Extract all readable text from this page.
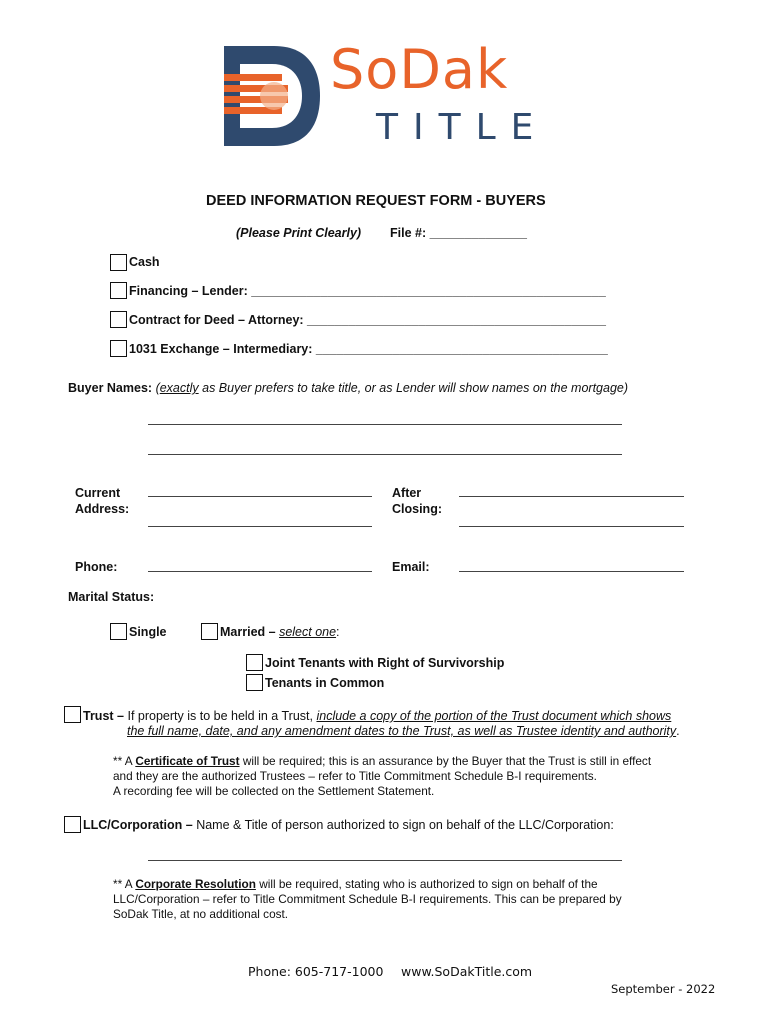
SoDak
TITLE
DEED INFORMATION REQUEST FORM - BUYERS
(Please Print Clearly) File #: ______________
Cash
Financing – Lender: ___________________________________________________
Contract for Deed – Attorney: ___________________________________________
1031 Exchange – Intermediary: __________________________________________
Buyer Names: (exactly as Buyer prefers to take title, or as Lender will show names on the mortgage)
Current
Address:
After
Closing:
Phone:	Email:
Marital Status:
Single	Married – select one:
Joint Tenants with Right of Survivorship
Tenants in Common
Trust – If property is to be held in a Trust, include a copy of the portion of the Trust document which shows
the full name, date, and any amendment dates to the Trust, as well as Trustee identity and authority.
** A Certificate of Trust will be required; this is an assurance by the Buyer that the Trust is still in effect
and they are the authorized Trustees – refer to Title Commitment Schedule B-I requirements.
A recording fee will be collected on the Settlement Statement.
LLC/Corporation – Name & Title of person authorized to sign on behalf of the LLC/Corporation:
** A Corporate Resolution will be required, stating who is authorized to sign on behalf of the
LLC/Corporation – refer to Title Commitment Schedule B-I requirements. This can be prepared by
SoDak Title, at no additional cost.
Phone: 605-717-1000 www.SoDakTitle.com
September - 2022
